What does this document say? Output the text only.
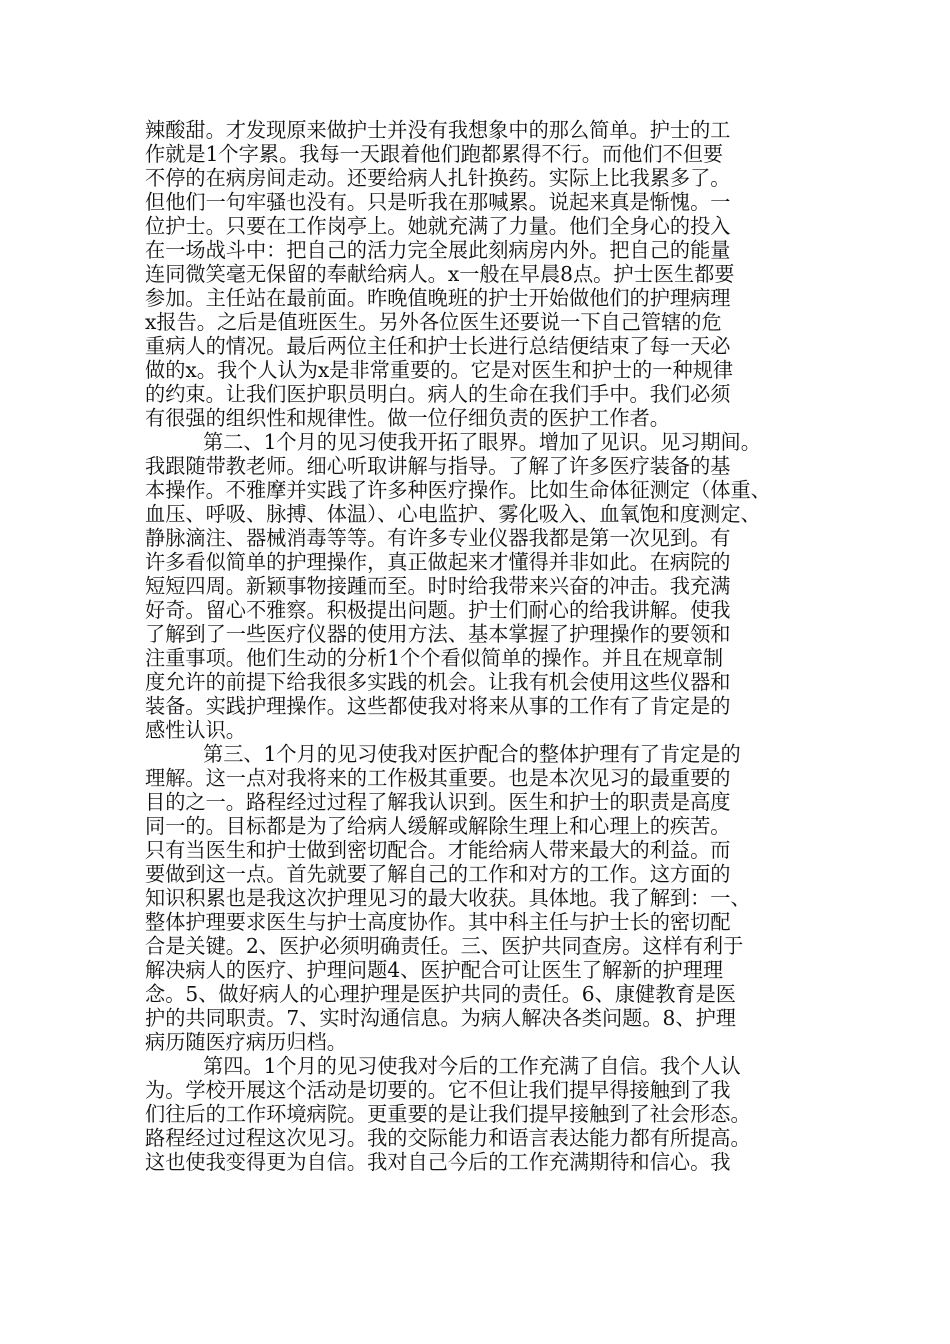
辣酸甜。才发现原来做护士并没有我想象中的那么简单。护士的工
作就是1个字累。我每一天跟着他们跑都累得不行。而他们不但要
不停的在病房间走动。还要给病人扎针换药。实际上比我累多了。
但他们一句牢骚也没有。只是听我在那喊累。说起来真是惭愧。一
位护士。只要在工作岗亭上。她就充满了力量。他们全身心的投入
在一场战斗中：把自己的活力完全展此刻病房内外。把自己的能量
连同微笑毫无保留的奉献给病人。x一般在早晨8点。护士医生都要
参加。主任站在最前面。昨晚值晚班的护士开始做他们的护理病理
x报告。之后是值班医生。另外各位医生还要说一下自己管辖的危
重病人的情况。最后两位主任和护士长进行总结便结束了每一天必
做的x。我个人认为x是非常重要的。它是对医生和护士的一种规律
的约束。让我们医护职员明白。病人的生命在我们手中。我们必须
有很强的组织性和规律性。做一位仔细负责的医护工作者。
第二、1个月的见习使我开拓了眼界。增加了见识。见习期间。
我跟随带教老师。细心听取讲解与指导。了解了许多医疗装备的基
本操作。不雅摩并实践了许多种医疗操作。比如生命体征测定（体重、
血压、呼吸、脉搏、体温）、心电监护、雾化吸入、血氧饱和度测定、
静脉滴注、器械消毒等等。有许多专业仪器我都是第一次见到。有
许多看似简单的护理操作，真正做起来才懂得并非如此。在病院的
短短四周。新颖事物接踵而至。时时给我带来兴奋的冲击。我充满
好奇。留心不雅察。积极提出问题。护士们耐心的给我讲解。使我
了解到了一些医疗仪器的使用方法、基本掌握了护理操作的要领和
注重事项。他们生动的分析1个个看似简单的操作。并且在规章制
度允许的前提下给我很多实践的机会。让我有机会使用这些仪器和
装备。实践护理操作。这些都使我对将来从事的工作有了肯定是的
感性认识。
第三、1个月的见习使我对医护配合的整体护理有了肯定是的
理解。这一点对我将来的工作极其重要。也是本次见习的最重要的
目的之一。路程经过过程了解我认识到。医生和护士的职责是高度
同一的。目标都是为了给病人缓解或解除生理上和心理上的疾苦。
只有当医生和护士做到密切配合。才能给病人带来最大的利益。而
要做到这一点。首先就要了解自己的工作和对方的工作。这方面的
知识积累也是我这次护理见习的最大收获。具体地。我了解到：一、
整体护理要求医生与护士高度协作。其中科主任与护士长的密切配
合是关键。2、医护必须明确责任。三、医护共同查房。这样有利于
解决病人的医疗、护理问题4、医护配合可让医生了解新的护理理
念。5、做好病人的心理护理是医护共同的责任。6、康健教育是医
护的共同职责。7、实时沟通信息。为病人解决各类问题。8、护理
病历随医疗病历归档。
第四。1个月的见习使我对今后的工作充满了自信。我个人认
为。学校开展这个活动是切要的。它不但让我们提早得接触到了我
们往后的工作环境病院。更重要的是让我们提早接触到了社会形态。
路程经过过程这次见习。我的交际能力和语言表达能力都有所提高。
这也使我变得更为自信。我对自己今后的工作充满期待和信心。我
